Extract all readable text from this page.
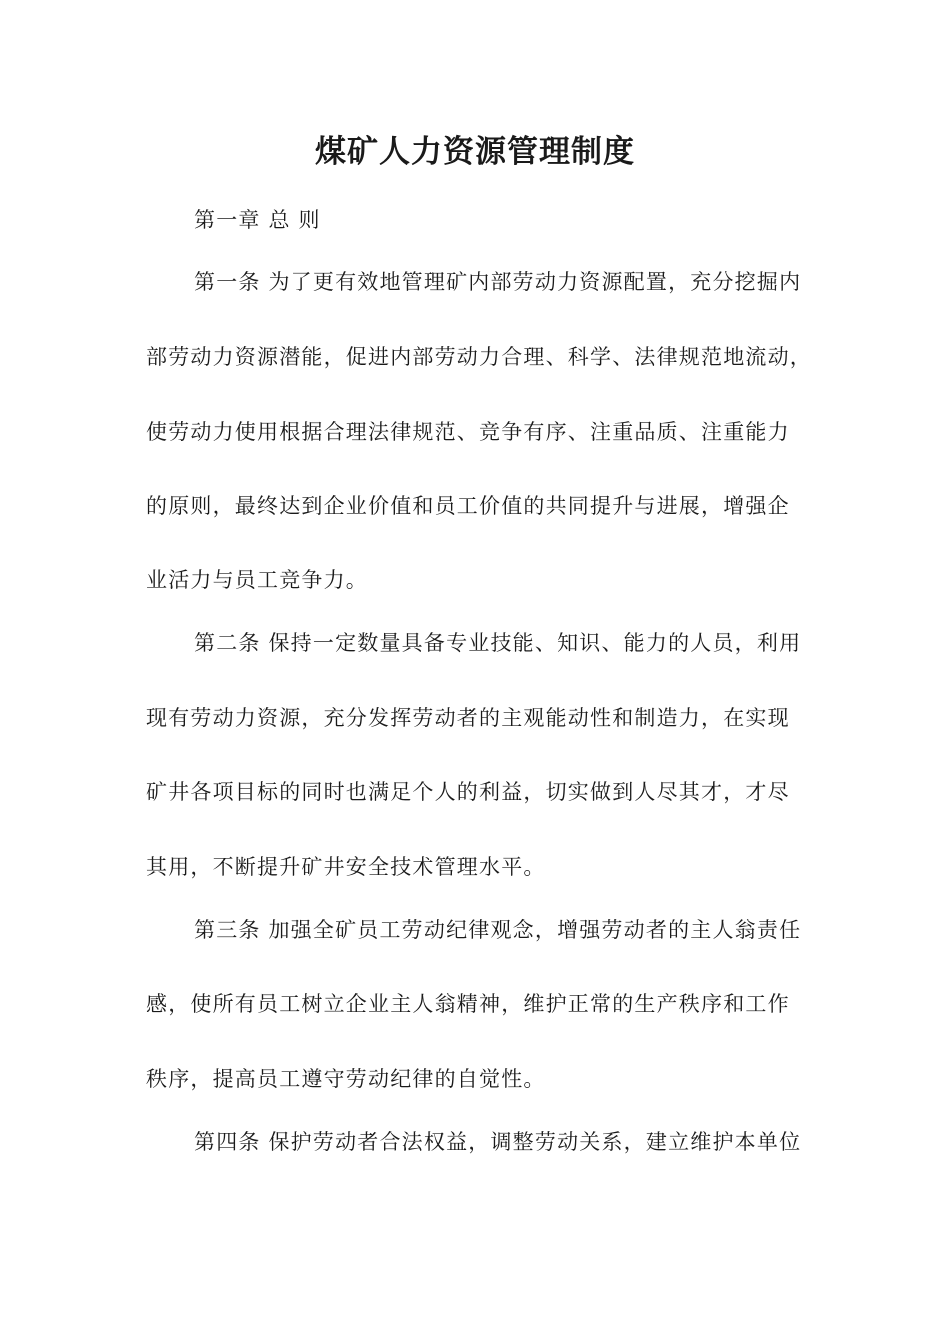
煤矿人力资源管理制度
第一章 总 则
第一条 为了更有效地管理矿内部劳动力资源配置，充分挖掘内
部劳动力资源潜能，促进内部劳动力合理、科学、法律规范地流动，
使劳动力使用根据合理法律规范、竞争有序、注重品质、注重能力
的原则，最终达到企业价值和员工价值的共同提升与进展，增强企
业活力与员工竞争力。
第二条 保持一定数量具备专业技能、知识、能力的人员，利用
现有劳动力资源，充分发挥劳动者的主观能动性和制造力，在实现
矿井各项目标的同时也满足个人的利益，切实做到人尽其才，才尽
其用，不断提升矿井安全技术管理水平。
第三条 加强全矿员工劳动纪律观念，增强劳动者的主人翁责任
感，使所有员工树立企业主人翁精神，维护正常的生产秩序和工作
秩序，提高员工遵守劳动纪律的自觉性。
第四条 保护劳动者合法权益，调整劳动关系，建立维护本单位
